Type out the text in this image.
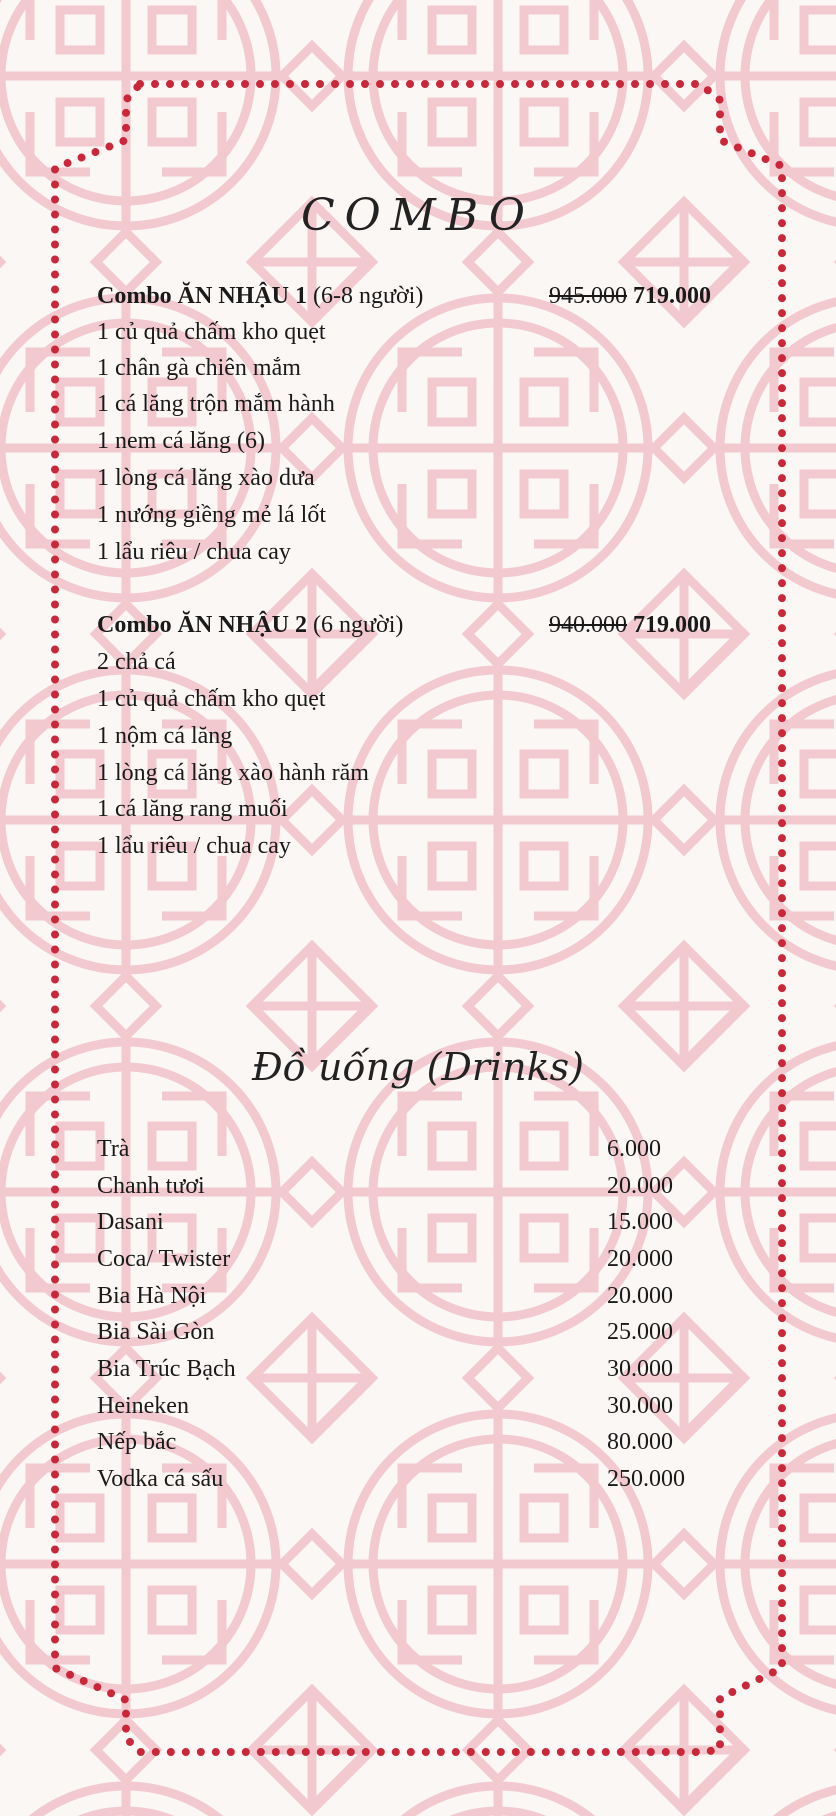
COMBO
Combo ĂN NHẬU 1 (6-8 người)	945.000 719.000
1 củ quả chấm kho quẹt
1 chân gà chiên mắm
1 cá lăng trộn mắm hành
1 nem cá lăng (6)
1 lòng cá lăng xào dưa
1 nướng giềng mẻ lá lốt
1 lẩu riêu / chua cay
Combo ĂN NHẬU 2 (6 người)	940.000 719.000
2 chả cá
1 củ quả chấm kho quẹt
1 nộm cá lăng
1 lòng cá lăng xào hành răm
1 cá lăng rang muối
1 lẩu riêu / chua cay
Đồ uống (Drinks)
Trà	6.000
Chanh tươi	20.000
Dasani	15.000
Coca/ Twister	20.000
Bia Hà Nội	20.000
Bia Sài Gòn	25.000
Bia Trúc Bạch	30.000
Heineken	30.000
Nếp bắc	80.000
Vodka cá sấu	250.000
